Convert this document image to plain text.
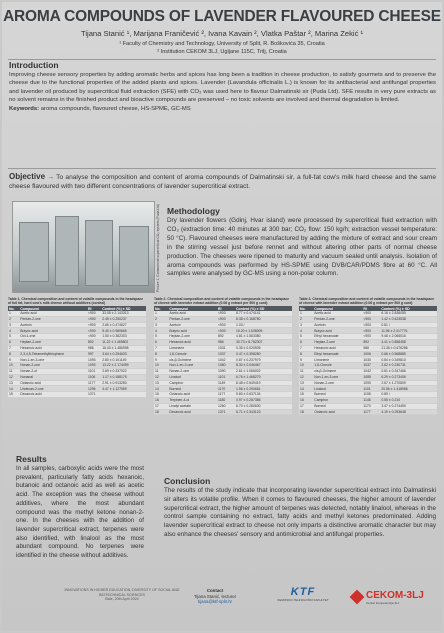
AROMA COMPOUNDS OF LAVENDER FLAVOURED CHEESE
Tijana Stanić ¹, Marijana Franičević ², Ivana Kavain ², Vlatka Paštar ², Marina Zekić ¹
¹ Faculty of Chemistry and Technology, University of Split, R. Boškovića 35, Croatia
² Institution CEKOM 3LJ, Ugljane 115C, Trilj, Croatia
Introduction
Improving cheese sensory properties by adding aromatic herbs and spices has long been a tradition in cheese production, to satisfy gourmets and to preserve the cheese due to the functional properties of the added plants and spices. Lavender (Lavandula officinalis L.) is known for its antibacterial and antifungal properties and lavender oil produced by supercritical fluid extraction (SFE) with CO₂ was used here to flavour Dalmatinski sir (Puda Ltd). SFE results in very pure extracts as no solvent remains in the finished product and bioactive compounds are preserved – no toxic solvents are involved and thermal degradation is limited.
Keywords: aroma compounds, flavoured cheese, HS-SPME, GC-MS
Objective → To analyse the composition and content of aroma compounds of Dalmatinski sir, a full-fat cow's milk hard cheese and the same cheese flavoured with two different concentrations of lavender supercritical extract.
Picture 1. Commercial supercritical CO₂ system (Puda Ltd) Methodology
Dry lavender flowers (Gdinj, Hvar island) were processed by supercritical fluid extraction with CO₂ (extraction time: 40 minutes at 300 bar; CO₂ flow: 150 kg/h; extraction vessel temperature: 50 °C). Flavoured cheeses were manufactured by adding the mixture of extract and sour cream in the stirring vessel just before rennet and without altering other parts of normal cheese production. The cheeses were ripened to maturity and vacuum sealed until analysis. Isolation of aroma compounds was performed by HS-SPME using DVB/CAR/PDMS fibre at 60 °C. All samples were analysed by GC-MS using a non-polar column.
Table 1. Chemical composition and content of volatile compounds in the headspace of full fat, hard cow's milk cheese without additives (control)
No.	Compound	RI	Content (%) ± SD
1	Acetic acid	<900	33.08 ± 2.143313
2	Pentan-2-one	<900	2.45 ± 0.250237
3	Acetoin	<900	2.66 ± 0.474627
4	Butyric acid	<900	9.40 ± 0.980665
5	Oct-1-ene	<900	1.50 ± 0.382303
6	Heptan-2-one	892	11.22 ± 1.469802
7	Hexanoic acid	986	16.43 ± 1.486998
8	2,3,4,5-Tetramethylthiophene	997	3.64 ± 0.254633
9	Non-1-en-3-one	1093	2.80 ± 0.101149
10	Nonan-2-one	1093	13.22 ± 2.174499
11	Nonan-2-ol	1101	2.69 ± 0.337922
12	Nonanal	1106	1.17 ± 0.188175
13	Octanoic acid	1177	2.91 ± 0.913283
14	Undecan-2-one	1295	4.47 ± 1.127959
15	Decanoic acid	1371	
Table 2. Chemical composition and content of volatile compounds in the headspace of cheese with lavender extract addition (0.06 g extract per 500 g curd)
No.	Compound	RI	Content (%) ± SD
1	Acetic acid	<900	8.77 ± 0.474141
2	Pentan-2-one	<900	8.38 ± 0.168780
3	Acetoin	<900	1.03 /
4	Butyric acid	<900	15.20 ± 1.638009
5	Heptan-2-one	892	4.81 ± 1.563380
6	Hexanoic acid	986	30.73 ± 8.782307
7	Limonene	1031	0.35 ± 0.020505
8	1,8-Cineole	1037	3.47 ± 0.398280
9	cis-β-Ocimene	1042	0.87 ± 0.237979
10	Non-1-en-3-one	1080	8.30 ± 0.046467
11	Nonan-2-one	1090	2.61 ± 1.066002
12	Linalool	1101	6.76 ± 1.468279
13	Camphor	1149	8.48 ± 0.549419
14	Borneol	1170	1.56 ± 0.290651
15	Octanoic acid	1177	9.80 ± 0.637134
16	Terpinen-4-ol	1180	0.97 ± 0.287386
17	Linalyl acetate	1260	6.70 ± 0.280630
18	Decanoic acid	1371	6.71 ± 0.343123
Table 3. Chemical composition and content of volatile compounds in the headspace of cheese with lavender extract addition (0.06 g extract per 500 g curd)
No.	Compound	RI	Content (%) ± SD
1	Acetic acid	<900	6.16 ± 2.838055
2	Pentan-2-one	<900	1.42 ± 0.423538
3	Acetoin	<900	0.81 /
4	Butyric acid	<900	11.96 ± 2.017776
5	Ethyl hexanoate	<900	9.46 ± 2.066016
6	Heptan-2-one	892	4.41 ± 0.858458
7	Hexanoic acid	986	21.36 ± 0.676286
8	Ethyl hexanoate	1006	0.66 ± 0.568885
9	Limonene	1030	0.84 ± 0.349810
10	1,8-Cineole	1037	2.62 ± 0.230731
11	cis-β-Ocimene	1042	0.61 ± 0.347466
12	Non-1-en-3-one	1085	6.29 ± 0.273406
13	Nonan-2-one	1090	2.67 ± 1.270809
14	Linalool	1101	20.56 ± 1.418986
15	Borneol	1108	0.89 /
16	Camphor	1146	0.55 ± 0.210
17	Borneol	1170	3.47 ± 0.274450
18	Octanoic acid	1177	4.19 ± 0.293648
Results
In all samples, carboxylic acids were the most prevalent, particularly fatty acids hexanoic, butanoic and octanoic acid as well as acetic acid. The exception was the cheese without additives, where the most abundant compound was the methyl ketone nonan-2-one. In the cheeses with the addition of lavender supercritical extract, terpenes were also identified, with linalool as the most abundant compound. No terpenes were identified in the cheese without additives.
Conclusion
The results of the study indicate that incorporating lavender supercritical extract into Dalmatinski sir alters its volatile profile. When it comes to flavoured cheeses, the higher amount of lavender supercritical extract, the higher amount of terpenes was detected, notably linalool, whereas in the control sample containing no extract, fatty acids and methyl ketones predominated. Adding lavender supercritical extract to cheese not only imparts a distinctive aromatic character but may also enhance the cheeses' sensory and antimicrobial and antifungal properties.
INNOVATIONS IN HIGHER EDUCATION, DIVERSITY OF SOCIAL AND BIOTECHNICAL SCIENCES
Bale, 20th April 2024
Contact
Tijana Stanić, lecturer
tijana@ktf-split.hr
KTF
KEMIJSKO-TEHNOLOŠKI FAKULTET	CEKOM-3LJ
Centar kompetencija 3LJ
